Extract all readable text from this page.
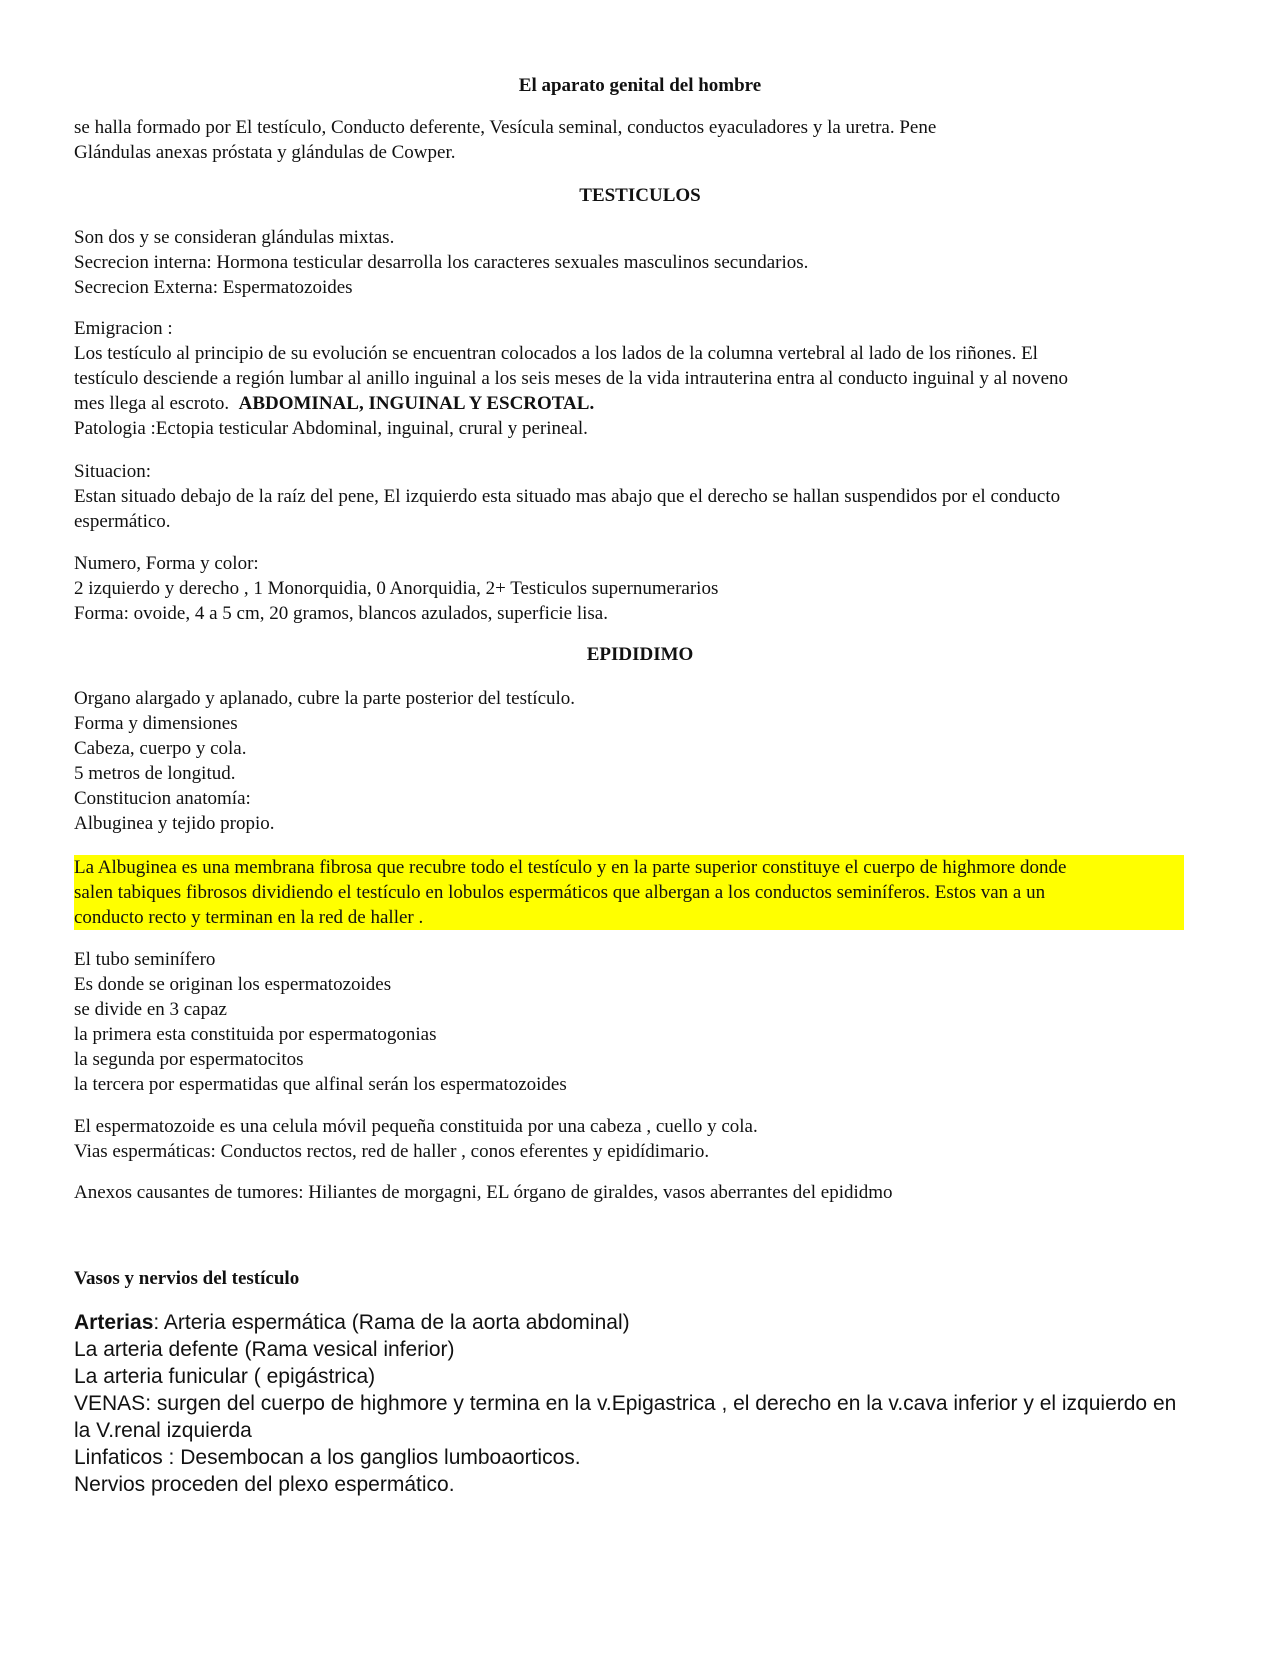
El aparato genital del hombre
se halla formado por El testículo, Conducto deferente, Vesícula seminal, conductos eyaculadores y la uretra. Pene
Glándulas anexas próstata y glándulas de Cowper.
TESTICULOS
Son dos y se consideran glándulas mixtas.
Secrecion interna: Hormona testicular desarrolla los caracteres sexuales masculinos secundarios.
Secrecion Externa: Espermatozoides
Emigracion :
Los testículo al principio de su evolución se encuentran colocados a los lados de la columna vertebral al lado de los riñones. El
testículo desciende a región lumbar al anillo inguinal a los seis meses de la vida intrauterina entra al conducto inguinal y al noveno
mes llega al escroto.  ABDOMINAL, INGUINAL Y ESCROTAL.
Patologia :Ectopia testicular Abdominal, inguinal, crural y perineal.
Situacion:
Estan situado debajo de la raíz del pene, El izquierdo esta situado mas abajo que el derecho se hallan suspendidos por el conducto
espermático.
Numero, Forma y color:
2 izquierdo y derecho , 1 Monorquidia, 0 Anorquidia, 2+ Testiculos supernumerarios
Forma: ovoide, 4 a 5 cm, 20 gramos, blancos azulados, superficie lisa.
EPIDIDIMO
Organo alargado y aplanado, cubre la parte posterior del testículo.
Forma y dimensiones
Cabeza, cuerpo y cola.
5 metros de longitud.
Constitucion anatomía:
Albuginea y tejido propio.
La Albuginea es una membrana fibrosa que recubre todo el testículo y en la parte superior constituye el cuerpo de highmore donde
salen tabiques fibrosos dividiendo el testículo en lobulos espermáticos que albergan a los conductos seminíferos. Estos van a un
conducto recto y terminan en la red de haller .
El tubo seminífero
Es donde se originan los espermatozoides
se divide en 3 capaz
la primera esta constituida por espermatogonias
la segunda por espermatocitos
la tercera por espermatidas que alfinal serán los espermatozoides
El espermatozoide es una celula móvil pequeña constituida por una cabeza , cuello y cola.
Vias espermáticas: Conductos rectos, red de haller , conos eferentes y epidídimario.
Anexos causantes de tumores: Hiliantes de morgagni, EL órgano de giraldes, vasos aberrantes del epididmo
Vasos y nervios del testículo
Arterias: Arteria espermática (Rama de la aorta abdominal)
La arteria defente (Rama vesical inferior)
La arteria funicular ( epigástrica)
VENAS: surgen del cuerpo de highmore y termina en la v.Epigastrica , el derecho en la v.cava inferior y el izquierdo en
la V.renal izquierda
Linfaticos : Desembocan a los ganglios lumboaorticos.
Nervios proceden del plexo espermático.
